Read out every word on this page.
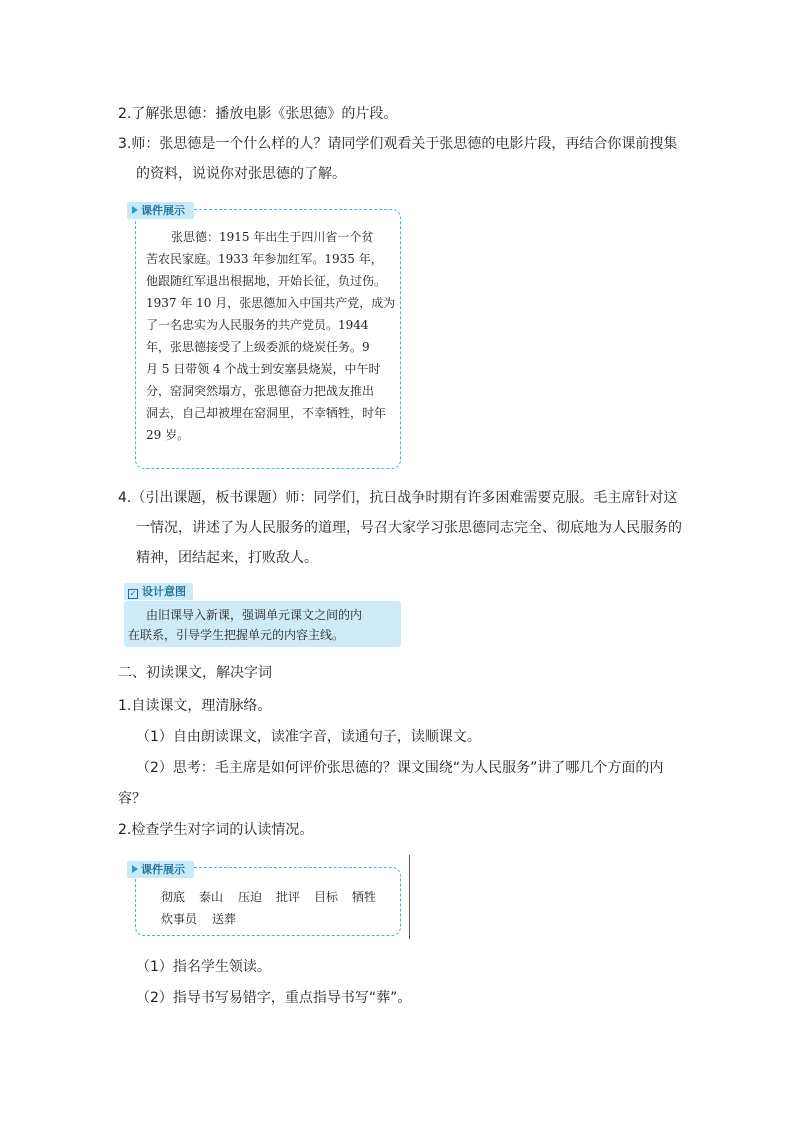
2.了解张思德：播放电影《张思德》的片段。
3.师：张思德是一个什么样的人？请同学们观看关于张思德的电影片段，再结合你课前搜集
的资料，说说你对张思德的了解。
课件展示
张思德：1915 年出生于四川省一个贫
苦农民家庭。1933 年参加红军。1935 年，
他跟随红军退出根据地，开始长征，负过伤。
1937 年 10 月，张思德加入中国共产党，成为
了一名忠实为人民服务的共产党员。1944
年，张思德接受了上级委派的烧炭任务。9
月 5 日带领 4 个战士到安塞县烧炭，中午时
分，窑洞突然塌方，张思德奋力把战友推出
洞去，自己却被埋在窑洞里，不幸牺牲，时年
29 岁。
4.（引出课题，板书课题）师：同学们，抗日战争时期有许多困难需要克服。毛主席针对这
一情况，讲述了为人民服务的道理，号召大家学习张思德同志完全、彻底地为人民服务的
精神，团结起来，打败敌人。
✓ 设计意图
由旧课导入新课，强调单元课文之间的内
在联系，引导学生把握单元的内容主线。
二、初读课文，解决字词
1.自读课文，理清脉络。
（1）自由朗读课文，读准字音，读通句子，读顺课文。
（2）思考：毛主席是如何评价张思德的？课文围绕“为人民服务”讲了哪几个方面的内
容？
2.检查学生对字词的认读情况。
课件展示
彻底 泰山 压迫 批评 目标 牺牲
炊事员 送葬
（1）指名学生领读。
（2）指导书写易错字，重点指导书写“葬”。
